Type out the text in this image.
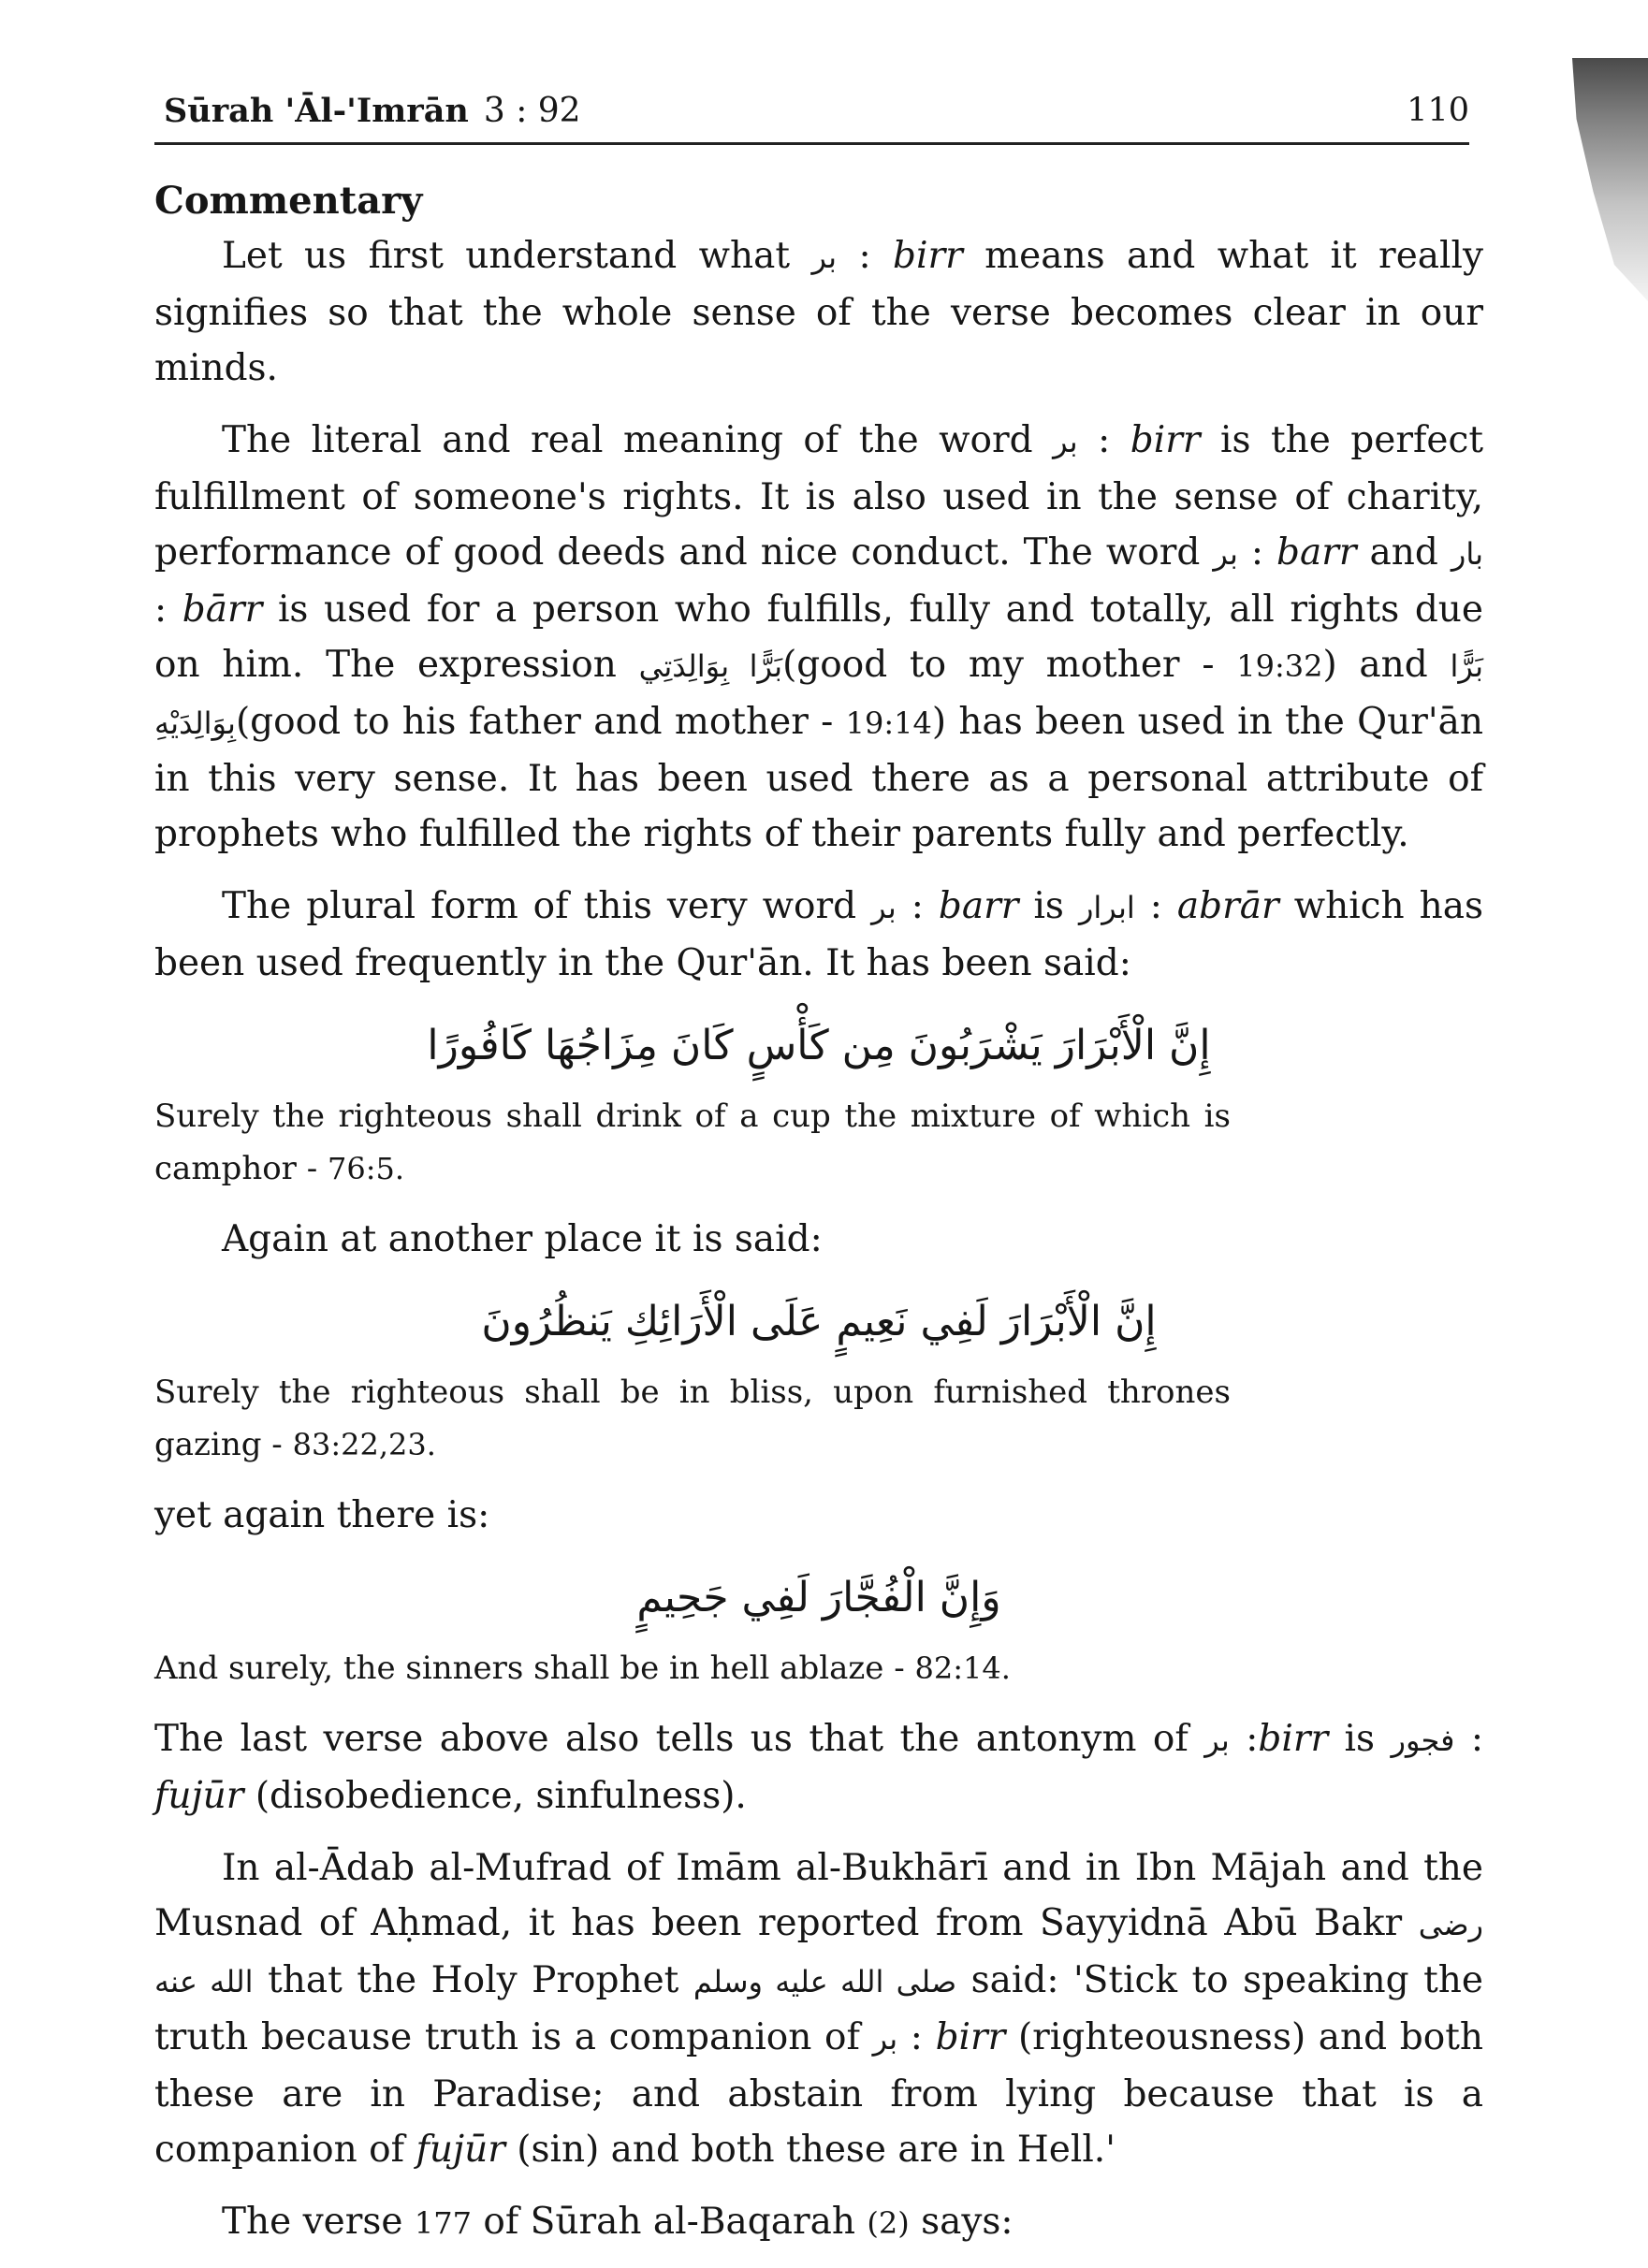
Sūrah 'Āl-'Imrān 3 : 92	110
Commentary

Let us first understand what بر : birr means and what it really signifies so that the whole sense of the verse becomes clear in our minds.

The literal and real meaning of the word بر : birr is the perfect fulfillment of someone's rights. It is also used in the sense of charity, performance of good deeds and nice conduct. The word بر : barr and بار : bārr is used for a person who fulfills, fully and totally, all rights due on him. The expression بَرًّا بِوَالِدَتِي(good to my mother - 19:32) and بَرًّا بِوَالِدَيْهِ(good to his father and mother - 19:14) has been used in the Qur'ān in this very sense. It has been used there as a personal attribute of prophets who fulfilled the rights of their parents fully and perfectly.

The plural form of this very word بر : barr is ابرار : abrār which has been used frequently in the Qur'ān. It has been said:

إِنَّ الْأَبْرَارَ يَشْرَبُونَ مِن كَأْسٍ كَانَ مِزَاجُهَا كَافُورًا

Surely the righteous shall drink of a cup the mixture of which is camphor - 76:5.

Again at another place it is said:

إِنَّ الْأَبْرَارَ لَفِي نَعِيمٍ عَلَى الْأَرَائِكِ يَنظُرُونَ

Surely the righteous shall be in bliss, upon furnished thrones gazing - 83:22,23.

yet again there is:

وَإِنَّ الْفُجَّارَ لَفِي جَحِيمٍ

And surely, the sinners shall be in hell ablaze - 82:14.

The last verse above also tells us that the antonym of بر :birr is فجور : fujūr (disobedience, sinfulness).

In al-Ādab al-Mufrad of Imām al-Bukhārī and in Ibn Mājah and the Musnad of Aḥmad, it has been reported from Sayyidnā Abū Bakr رضى الله عنه that the Holy Prophet صلى الله عليه وسلم said: 'Stick to speaking the truth because truth is a companion of بر : birr (righteousness) and both these are in Paradise; and abstain from lying because that is a companion of fujūr (sin) and both these are in Hell.'

The verse 177 of Sūrah al-Baqarah (2) says:
